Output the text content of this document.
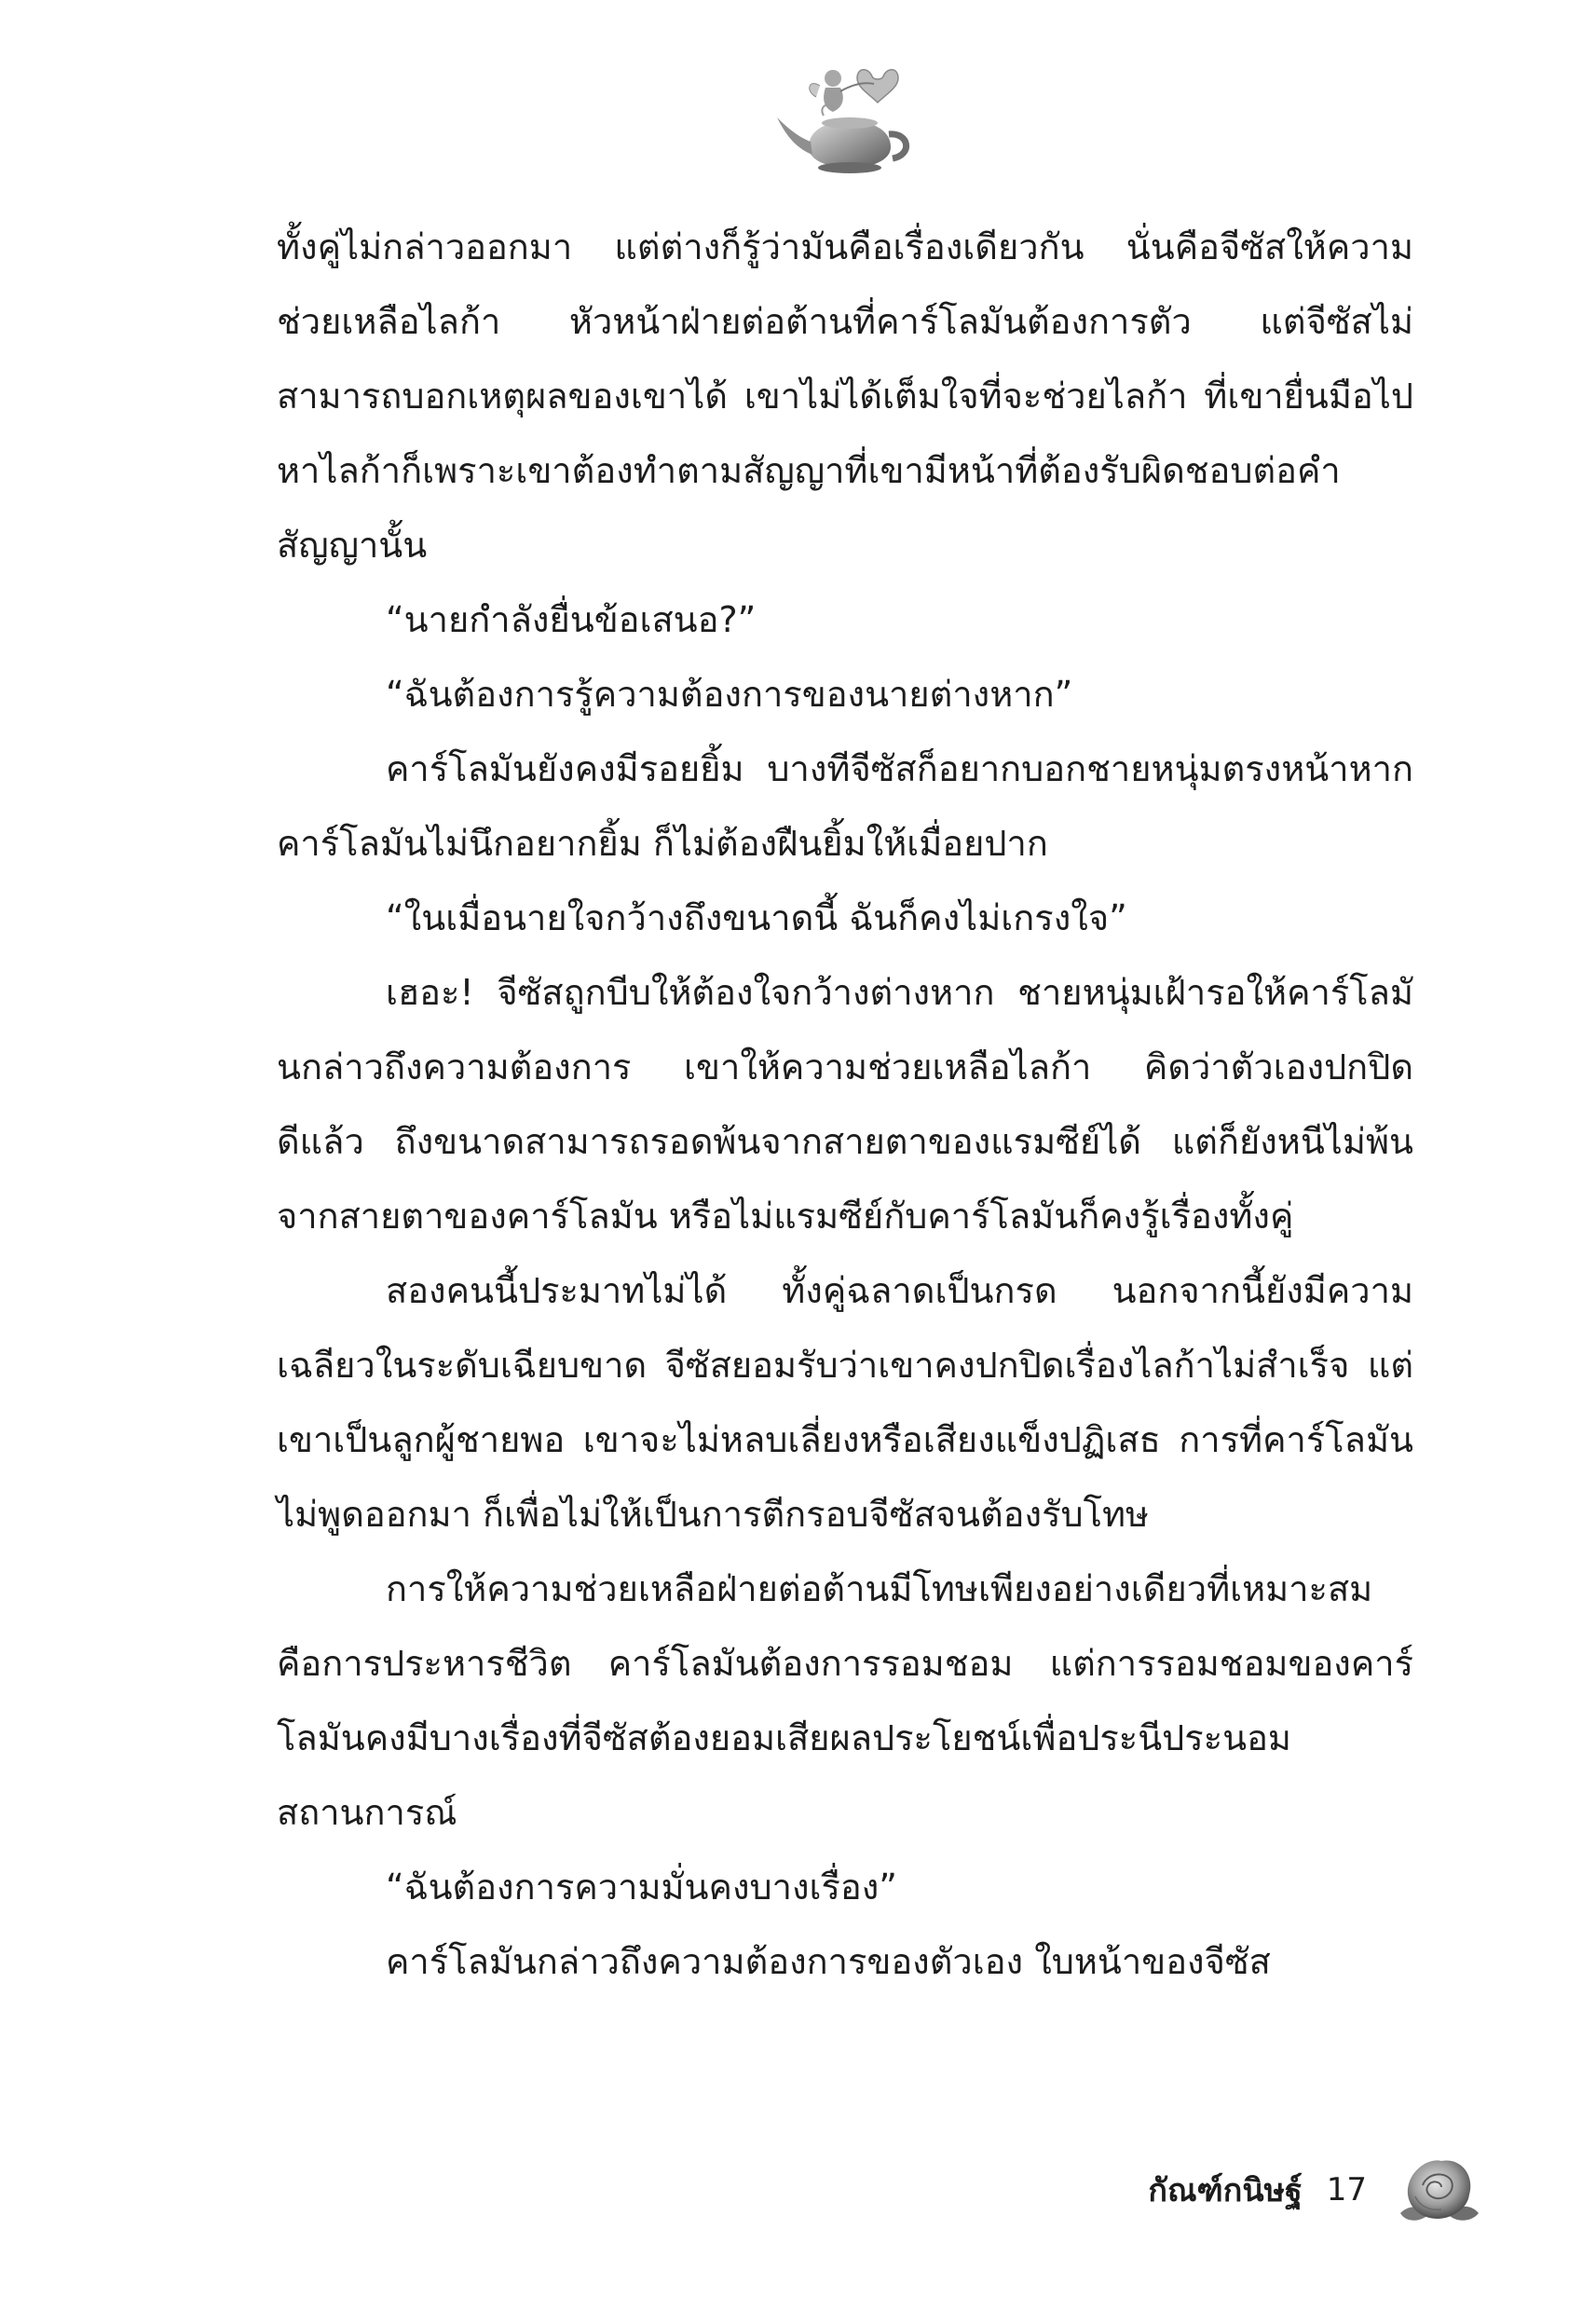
ทั้งคู่ไม่กล่าวออกมา แต่ต่างก็รู้ว่ามันคือเรื่องเดียวกัน นั่นคือจีซัสให้ความช่วยเหลือไลก้า หัวหน้าฝ่ายต่อต้านที่คาร์โลมันต้องการตัว แต่จีซัสไม่สามารถบอกเหตุผลของเขาได้ เขาไม่ได้เต็มใจที่จะช่วยไลก้า ที่เขายื่นมือไปหาไลก้าก็เพราะเขาต้องทำตามสัญญาที่เขามีหน้าที่ต้องรับผิดชอบต่อคำสัญญานั้น

“นายกำลังยื่นข้อเสนอ?”

“ฉันต้องการรู้ความต้องการของนายต่างหาก”

คาร์โลมันยังคงมีรอยยิ้ม บางทีจีซัสก็อยากบอกชายหนุ่มตรงหน้าหากคาร์โลมันไม่นึกอยากยิ้ม ก็ไม่ต้องฝืนยิ้มให้เมื่อยปาก

“ในเมื่อนายใจกว้างถึงขนาดนี้ ฉันก็คงไม่เกรงใจ”

เฮอะ! จีซัสถูกบีบให้ต้องใจกว้างต่างหาก ชายหนุ่มเฝ้ารอให้คาร์โลมันกล่าวถึงความต้องการ เขาให้ความช่วยเหลือไลก้า คิดว่าตัวเองปกปิดดีแล้ว ถึงขนาดสามารถรอดพ้นจากสายตาของแรมซีย์ได้ แต่ก็ยังหนีไม่พ้นจากสายตาของคาร์โลมัน หรือไม่แรมซีย์กับคาร์โลมันก็คงรู้เรื่องทั้งคู่

สองคนนี้ประมาทไม่ได้ ทั้งคู่ฉลาดเป็นกรด นอกจากนี้ยังมีความเฉลียวในระดับเฉียบขาด จีซัสยอมรับว่าเขาคงปกปิดเรื่องไลก้าไม่สำเร็จ แต่เขาเป็นลูกผู้ชายพอ เขาจะไม่หลบเลี่ยงหรือเสียงแข็งปฏิเสธ การที่คาร์โลมันไม่พูดออกมา ก็เพื่อไม่ให้เป็นการตีกรอบจีซัสจนต้องรับโทษ

การให้ความช่วยเหลือฝ่ายต่อต้านมีโทษเพียงอย่างเดียวที่เหมาะสมคือการประหารชีวิต คาร์โลมันต้องการรอมชอม แต่การรอมชอมของคาร์โลมันคงมีบางเรื่องที่จีซัสต้องยอมเสียผลประโยชน์เพื่อประนีประนอมสถานการณ์

“ฉันต้องการความมั่นคงบางเรื่อง”

คาร์โลมันกล่าวถึงความต้องการของตัวเอง ใบหน้าของจีซัส

กัณฑ์กนิษฐ์ 17
